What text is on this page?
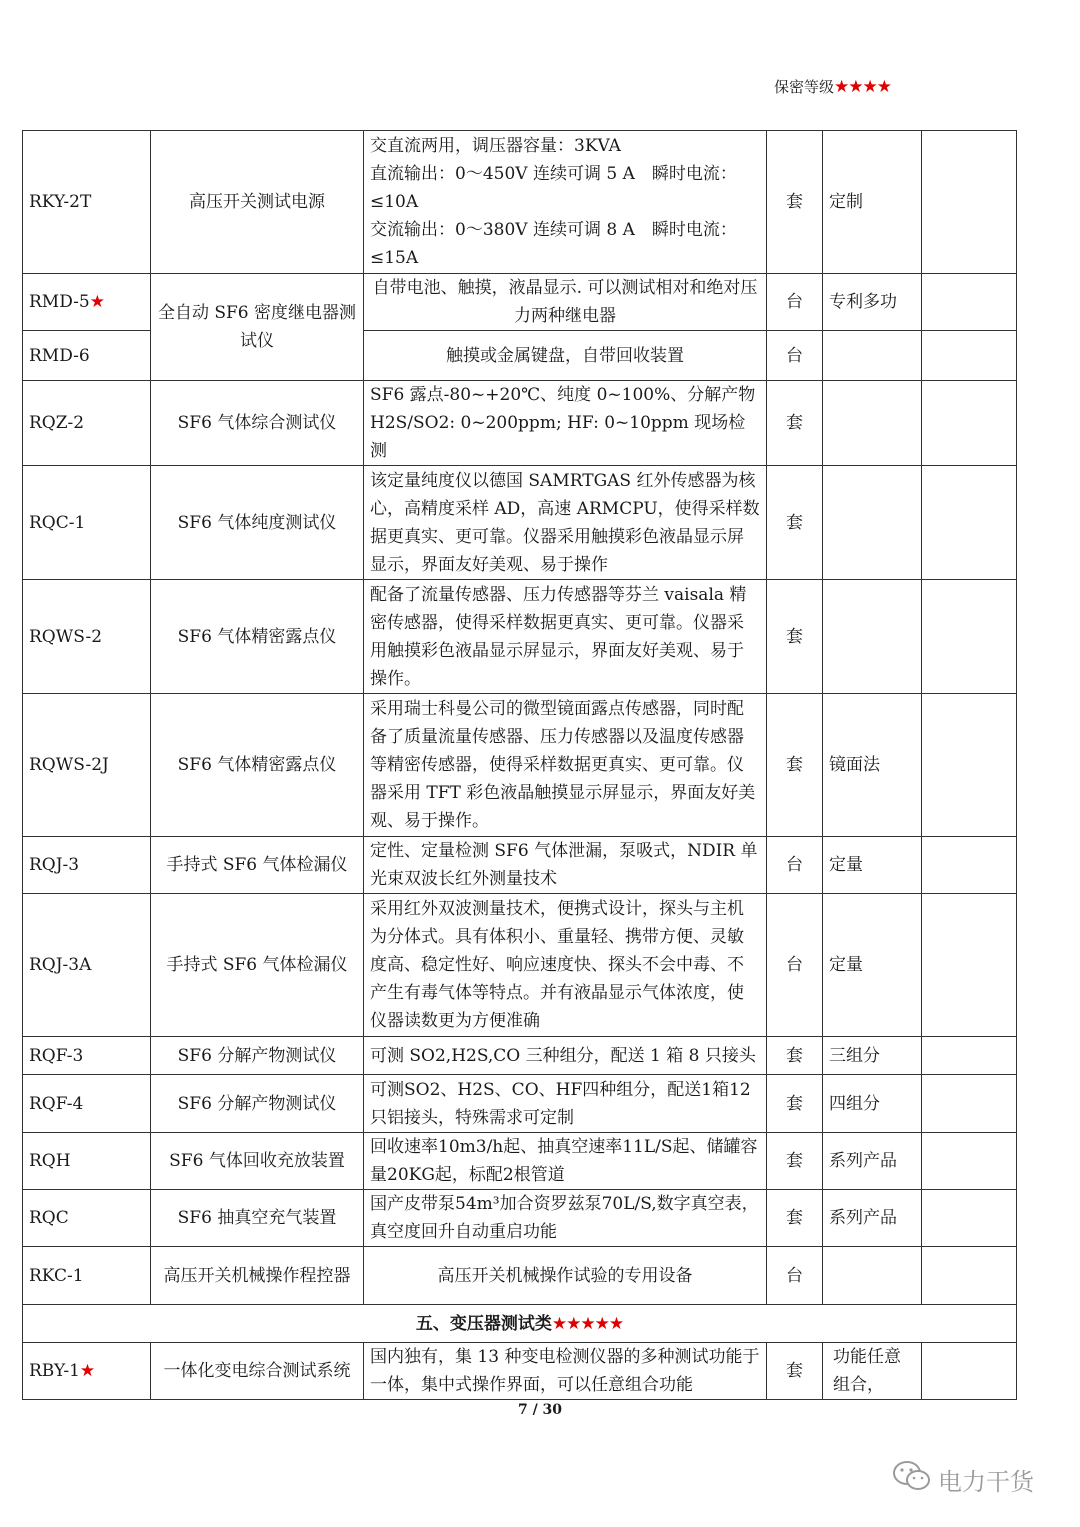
保密等级★★★★
RKY-2T	高压开关测试电源	交直流两用，调压器容量：3KVA
直流输出：0～450V 连续可调 5 A　瞬时电流：≤10A
交流输出：0～380V 连续可调 8 A　瞬时电流：≤15A	套	定制	
RMD-5★	全自动 SF6 密度继电器测试仪	自带电池、触摸，液晶显示. 可以测试相对和绝对压力两种继电器	台	专利多功	
RMD-6		触摸或金属键盘，自带回收装置	台		
RQZ-2	SF6 气体综合测试仪	SF6 露点-80~+20℃、纯度 0~100%、分解产物 H2S/SO2: 0~200ppm; HF: 0~10ppm 现场检测	套		
RQC-1	SF6 气体纯度测试仪	该定量纯度仪以德国 SAMRTGAS 红外传感器为核心，高精度采样 AD，高速 ARMCPU，使得采样数据更真实、更可靠。仪器采用触摸彩色液晶显示屏显示，界面友好美观、易于操作	套		
RQWS-2	SF6 气体精密露点仪	配备了流量传感器、压力传感器等芬兰 vaisala 精密传感器，使得采样数据更真实、更可靠。仪器采用触摸彩色液晶显示屏显示，界面友好美观、易于操作。	套		
RQWS-2J	SF6 气体精密露点仪	采用瑞士科曼公司的微型镜面露点传感器，同时配备了质量流量传感器、压力传感器以及温度传感器等精密传感器，使得采样数据更真实、更可靠。仪器采用 TFT 彩色液晶触摸显示屏显示，界面友好美观、易于操作。	套	镜面法	
RQJ-3	手持式 SF6 气体检漏仪	定性、定量检测 SF6 气体泄漏，泵吸式，NDIR 单光束双波长红外测量技术	台	定量	
RQJ-3A	手持式 SF6 气体检漏仪	采用红外双波测量技术，便携式设计，探头与主机为分体式。具有体积小、重量轻、携带方便、灵敏度高、稳定性好、响应速度快、探头不会中毒、不产生有毒气体等特点。并有液晶显示气体浓度，使仪器读数更为方便准确	台	定量	
RQF-3	SF6 分解产物测试仪	可测 SO2,H2S,CO 三种组分，配送 1 箱 8 只接头	套	三组分	
RQF-4	SF6 分解产物测试仪	可测SO2、H2S、CO、HF四种组分，配送1箱12只铝接头，特殊需求可定制	套	四组分	
RQH	SF6 气体回收充放装置	回收速率10m3/h起、抽真空速率11L/S起、储罐容量20KG起，标配2根管道	套	系列产品	
RQC	SF6 抽真空充气装置	国产皮带泵54m³加合资罗兹泵70L/S,数字真空表，真空度回升自动重启功能	套	系列产品	
RKC-1	高压开关机械操作程控器	高压开关机械操作试验的专用设备	台		
五、变压器测试类★★★★★					
RBY-1★	一体化变电综合测试系统	国内独有，集 13 种变电检测仪器的多种测试功能于一体，集中式操作界面，可以任意组合功能	套	功能任意组合，	
7 / 30
电力干货
